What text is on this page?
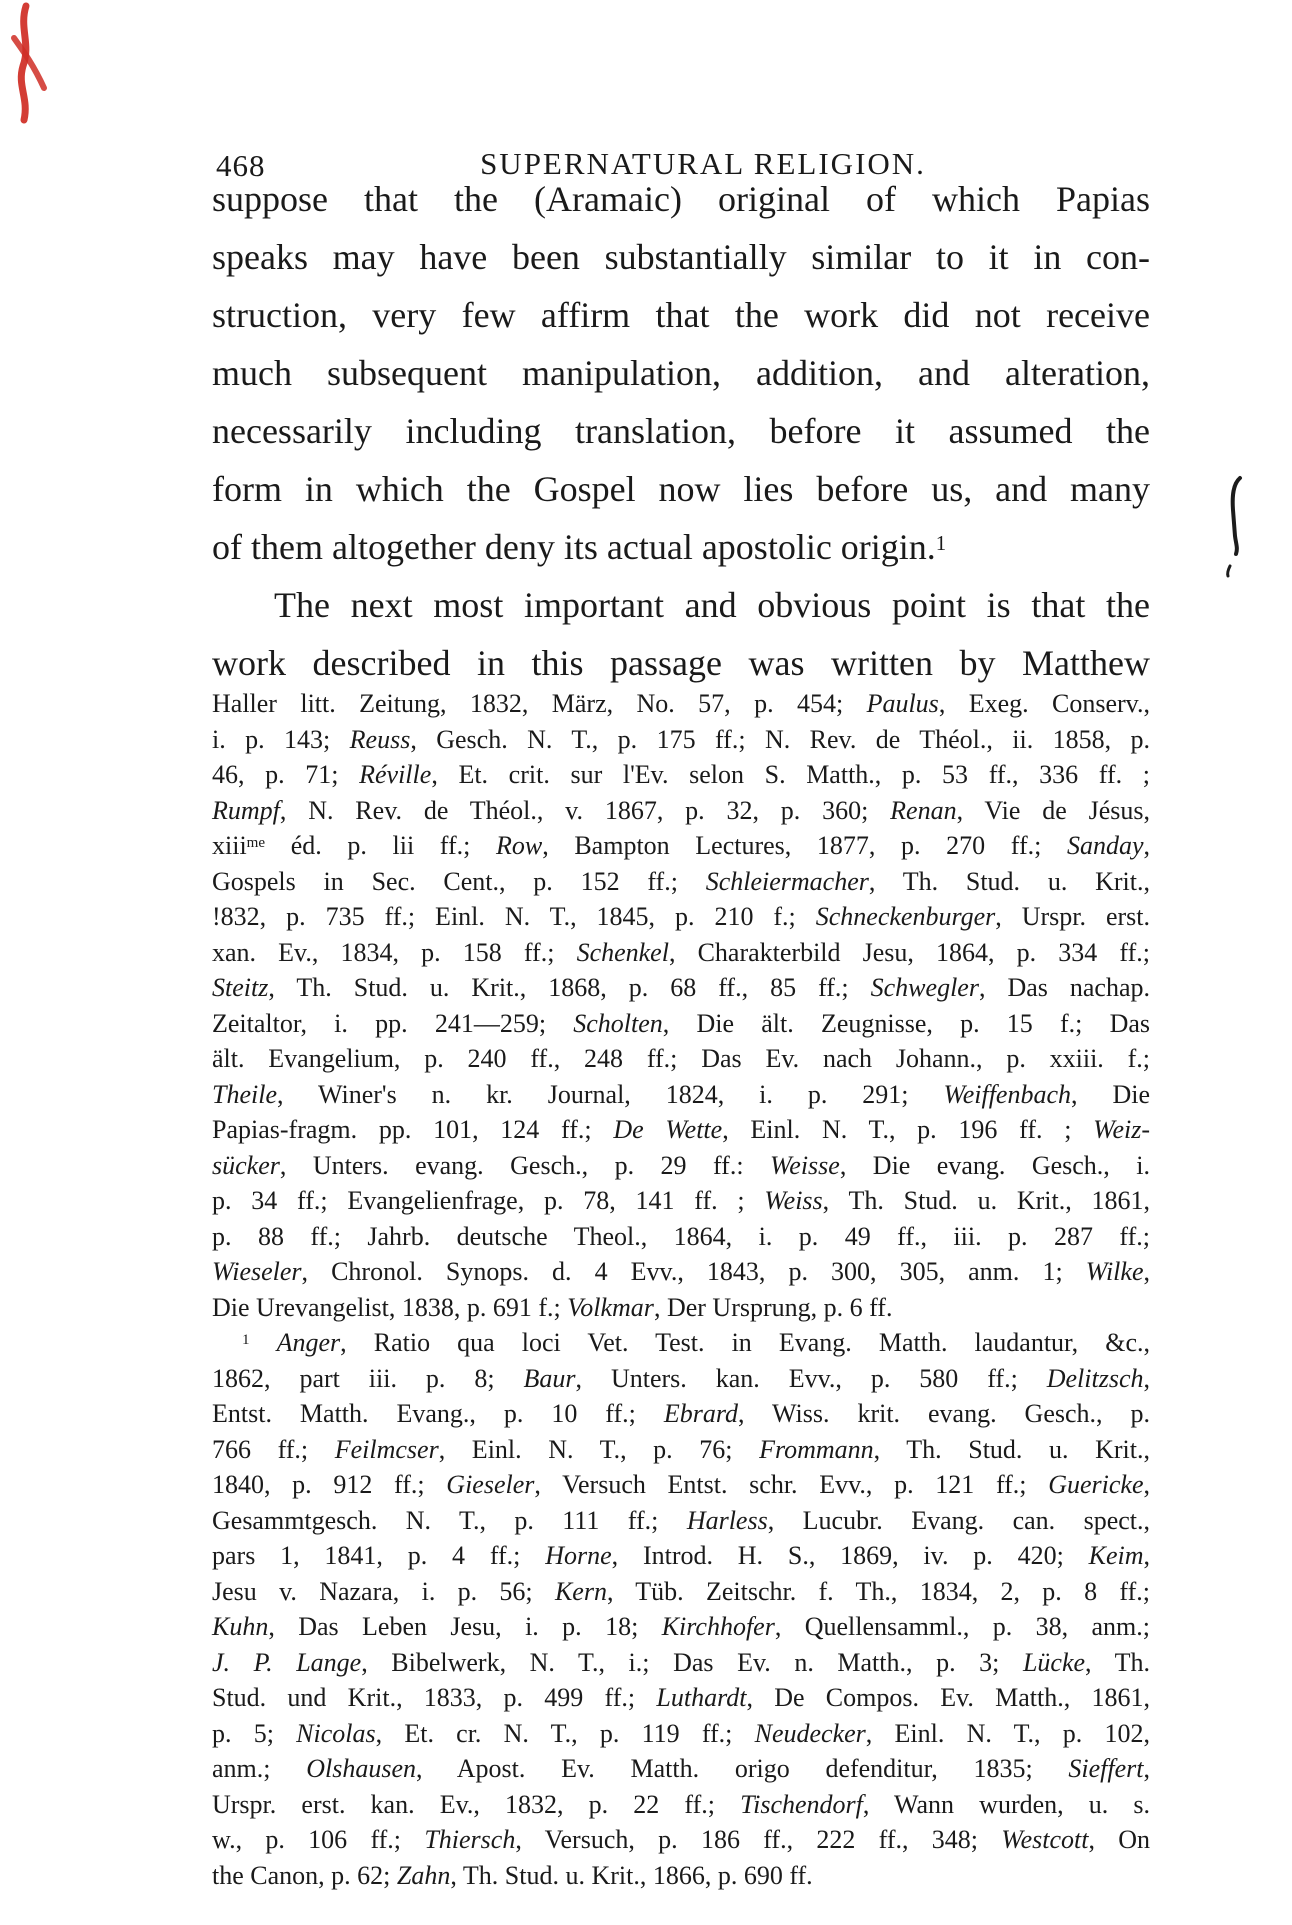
468	SUPERNATURAL RELIGION.
suppose that the (Aramaic) original of which Papias
speaks may have been substantially similar to it in con-
struction, very few affirm that the work did not receive
much subsequent manipulation, addition, and alteration,
necessarily including translation, before it assumed the
form in which the Gospel now lies before us, and many
of them altogether deny its actual apostolic origin.$^1$
The next most important and obvious point is that the
work described in this passage was written by Matthew
Haller litt. Zeitung, 1832, März, No. 57, p. 454; Paulus, Exeg. Conserv.,
i. p. 143; Reuss, Gesch. N. T., p. 175 ff.; N. Rev. de Théol., ii. 1858, p.
46, p. 71; Réville, Et. crit. sur l'Ev. selon S. Matth., p. 53 ff., 336 ff. ;
Rumpf, N. Rev. de Théol., v. 1867, p. 32, p. 360; Renan, Vie de Jésus,
xiii$^{me}$ éd. p. lii ff.; Row, Bampton Lectures, 1877, p. 270 ff.; Sanday,
Gospels in Sec. Cent., p. 152 ff.; Schleiermacher, Th. Stud. u. Krit.,
!832, p. 735 ff.; Einl. N. T., 1845, p. 210 f.; Schneckenburger, Urspr. erst.
xan. Ev., 1834, p. 158 ff.; Schenkel, Charakterbild Jesu, 1864, p. 334 ff.;
Steitz, Th. Stud. u. Krit., 1868, p. 68 ff., 85 ff.; Schwegler, Das nachap.
Zeitaltor, i. pp. 241—259; Scholten, Die ält. Zeugnisse, p. 15 f.; Das
ält. Evangelium, p. 240 ff., 248 ff.; Das Ev. nach Johann., p. xxiii. f.;
Theile, Winer's n. kr. Journal, 1824, i. p. 291; Weiffenbach, Die
Papias-fragm. pp. 101, 124 ff.; De Wette, Einl. N. T., p. 196 ff. ; Weiz-
sücker, Unters. evang. Gesch., p. 29 ff.: Weisse, Die evang. Gesch., i.
p. 34 ff.; Evangelienfrage, p. 78, 141 ff. ; Weiss, Th. Stud. u. Krit., 1861,
p. 88 ff.; Jahrb. deutsche Theol., 1864, i. p. 49 ff., iii. p. 287 ff.;
Wieseler, Chronol. Synops. d. 4 Evv., 1843, p. 300, 305, anm. 1; Wilke,
Die Urevangelist, 1838, p. 691 f.; Volkmar, Der Ursprung, p. 6 ff.
$^1$ Anger, Ratio qua loci Vet. Test. in Evang. Matth. laudantur, &c.,
1862, part iii. p. 8; Baur, Unters. kan. Evv., p. 580 ff.; Delitzsch,
Entst. Matth. Evang., p. 10 ff.; Ebrard, Wiss. krit. evang. Gesch., p.
766 ff.; Feilmcser, Einl. N. T., p. 76; Frommann, Th. Stud. u. Krit.,
1840, p. 912 ff.; Gieseler, Versuch Entst. schr. Evv., p. 121 ff.; Guericke,
Gesammtgesch. N. T., p. 111 ff.; Harless, Lucubr. Evang. can. spect.,
pars 1, 1841, p. 4 ff.; Horne, Introd. H. S., 1869, iv. p. 420; Keim,
Jesu v. Nazara, i. p. 56; Kern, Tüb. Zeitschr. f. Th., 1834, 2, p. 8 ff.;
Kuhn, Das Leben Jesu, i. p. 18; Kirchhofer, Quellensamml., p. 38, anm.;
J. P. Lange, Bibelwerk, N. T., i.; Das Ev. n. Matth., p. 3; Lücke, Th.
Stud. und Krit., 1833, p. 499 ff.; Luthardt, De Compos. Ev. Matth., 1861,
p. 5; Nicolas, Et. cr. N. T., p. 119 ff.; Neudecker, Einl. N. T., p. 102,
anm.; Olshausen, Apost. Ev. Matth. origo defenditur, 1835; Sieffert,
Urspr. erst. kan. Ev., 1832, p. 22 ff.; Tischendorf, Wann wurden, u. s.
w., p. 106 ff.; Thiersch, Versuch, p. 186 ff., 222 ff., 348; Westcott, On
the Canon, p. 62; Zahn, Th. Stud. u. Krit., 1866, p. 690 ff.
